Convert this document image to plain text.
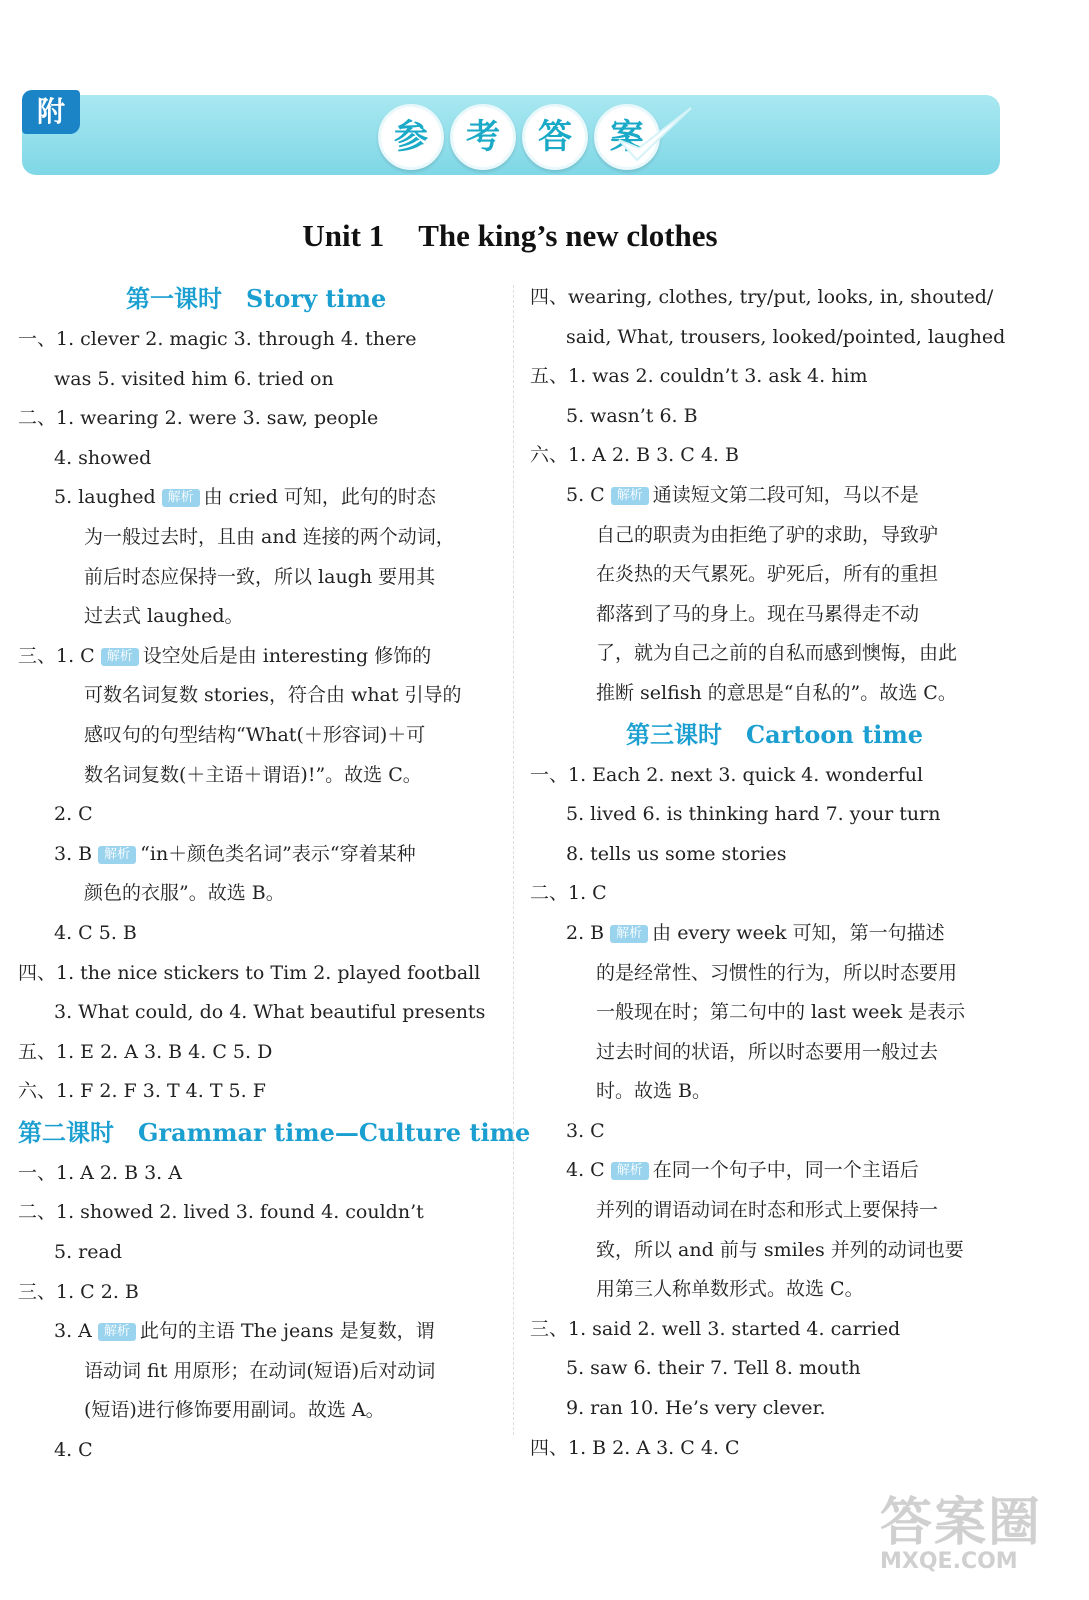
附
参	考	答	案
Unit 1 The king’s new clothes
第一课时 Story time
一、1. clever 2. magic 3. through 4. there
was 5. visited him 6. tried on
二、1. wearing 2. were 3. saw, people
4. showed
5. laughed 解析 由 cried 可知，此句的时态
为一般过去时，且由 and 连接的两个动词，
前后时态应保持一致，所以 laugh 要用其
过去式 laughed。
三、1. C 解析 设空处后是由 interesting 修饰的
可数名词复数 stories，符合由 what 引导的
感叹句的句型结构“What(＋形容词)＋可
数名词复数(＋主语＋谓语)!”。故选 C。
2. C
3. B 解析 “in＋颜色类名词”表示“穿着某种
颜色的衣服”。故选 B。
4. C 5. B
四、1. the nice stickers to Tim 2. played football
3. What could, do 4. What beautiful presents
五、1. E 2. A 3. B 4. C 5. D
六、1. F 2. F 3. T 4. T 5. F
第二课时 Grammar time—Culture time
一、1. A 2. B 3. A
二、1. showed 2. lived 3. found 4. couldn’t
5. read
三、1. C 2. B
3. A 解析 此句的主语 The jeans 是复数，谓
语动词 fit 用原形；在动词(短语)后对动词
(短语)进行修饰要用副词。故选 A。
4. C
四、wearing, clothes, try/put, looks, in, shouted/
said, What, trousers, looked/pointed, laughed
五、1. was 2. couldn’t 3. ask 4. him
5. wasn’t 6. B
六、1. A 2. B 3. C 4. B
5. C 解析 通读短文第二段可知，马以不是
自己的职责为由拒绝了驴的求助，导致驴
在炎热的天气累死。驴死后，所有的重担
都落到了马的身上。现在马累得走不动
了，就为自己之前的自私而感到懊悔，由此
推断 selfish 的意思是“自私的”。故选 C。
第三课时 Cartoon time
一、1. Each 2. next 3. quick 4. wonderful
5. lived 6. is thinking hard 7. your turn
8. tells us some stories
二、1. C
2. B 解析 由 every week 可知，第一句描述
的是经常性、习惯性的行为，所以时态要用
一般现在时；第二句中的 last week 是表示
过去时间的状语，所以时态要用一般过去
时。故选 B。
3. C
4. C 解析 在同一个句子中，同一个主语后
并列的谓语动词在时态和形式上要保持一
致，所以 and 前与 smiles 并列的动词也要
用第三人称单数形式。故选 C。
三、1. said 2. well 3. started 4. carried
5. saw 6. their 7. Tell 8. mouth
9. ran 10. He’s very clever.
四、1. B 2. A 3. C 4. C
答案圈
MXQE.COM
